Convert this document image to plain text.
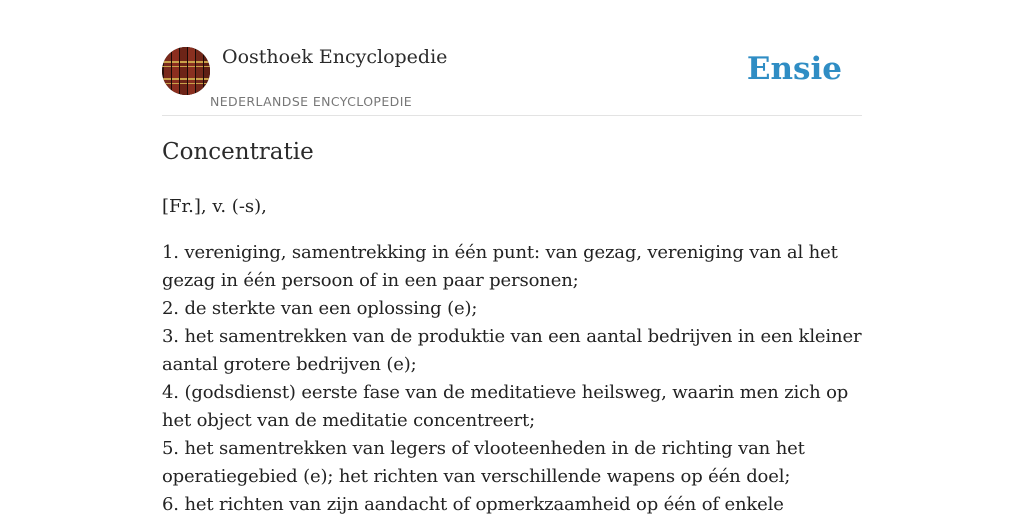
Oosthoek Encyclopedie
NEDERLANDSE ENCYCLOPEDIE
Ensie
Concentratie
[Fr.], v. (-s),
1. vereniging, samentrekking in één punt: van gezag, vereniging van al het gezag in één persoon of in een paar personen;
2. de sterkte van een oplossing (e);
3. het samentrekken van de produktie van een aantal bedrijven in een kleiner aantal grotere bedrijven (e);
4. (godsdienst) eerste fase van de meditatieve heilsweg, waarin men zich op het object van de meditatie concentreert;
5. het samentrekken van legers of vlooteenheden in de richting van het operatiegebied (e); het richten van verschillende wapens op één doel;
6. het richten van zijn aandacht of opmerkzaamheid op één of enkele
